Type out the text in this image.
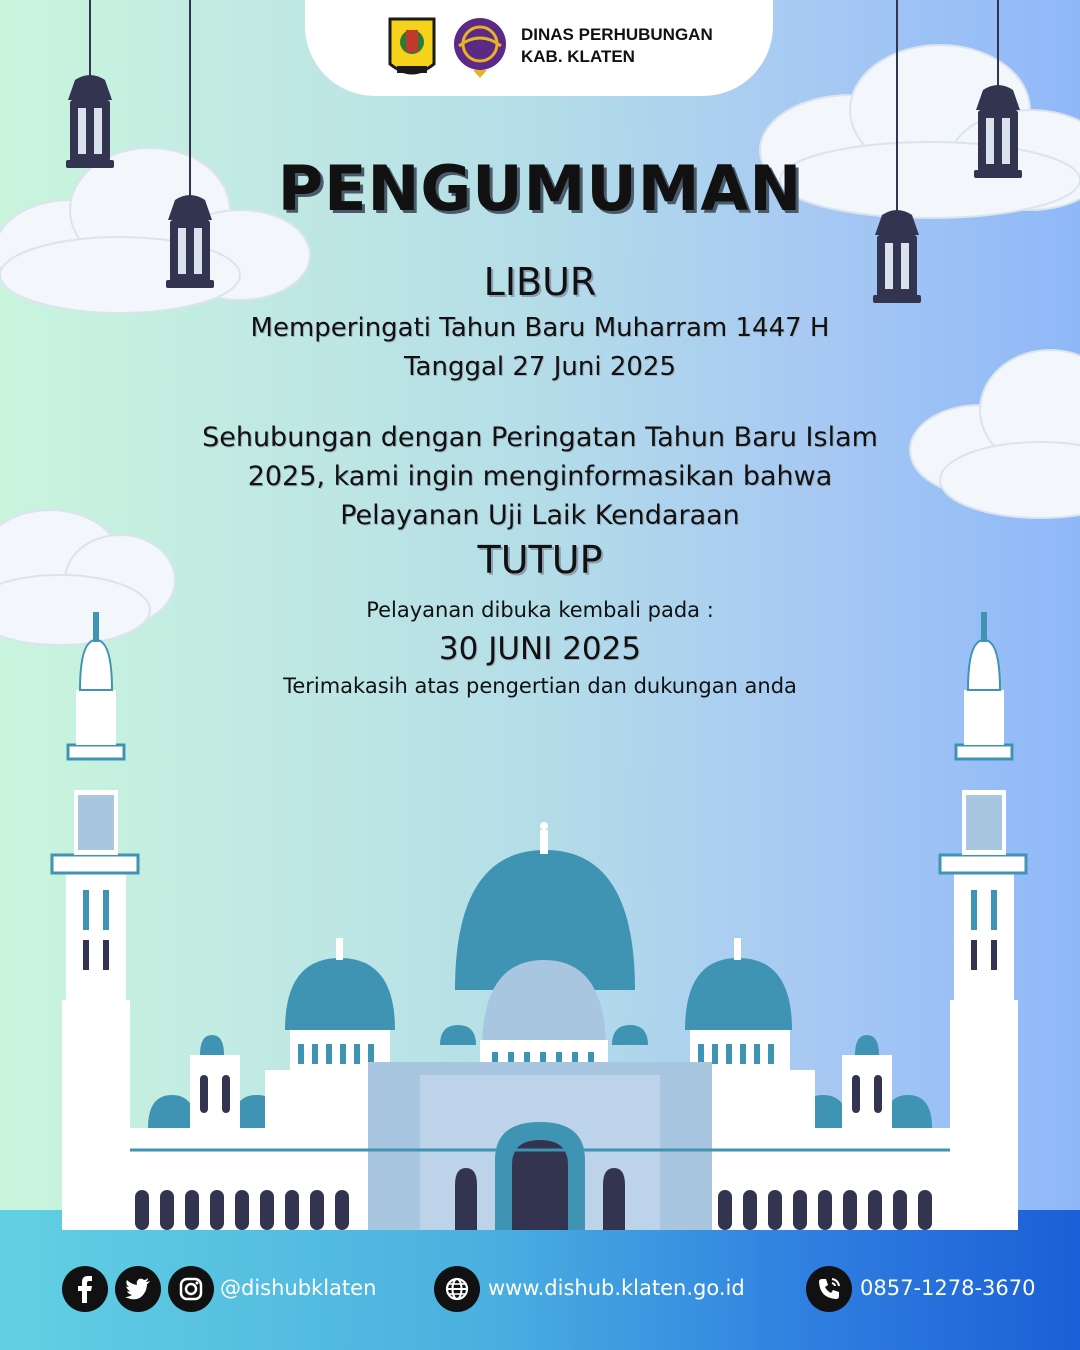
DINAS PERHUBUNGAN
KAB. KLATEN
PENGUMUMAN
LIBUR
Memperingati Tahun Baru Muharram 1447 H
Tanggal 27 Juni 2025
Sehubungan dengan Peringatan Tahun Baru Islam
2025, kami ingin menginformasikan bahwa
Pelayanan Uji Laik Kendaraan
TUTUP
Pelayanan dibuka kembali pada :
30 JUNI 2025
Terimakasih atas pengertian dan dukungan anda
@dishubklaten	www.dishub.klaten.go.id	0857-1278-3670
